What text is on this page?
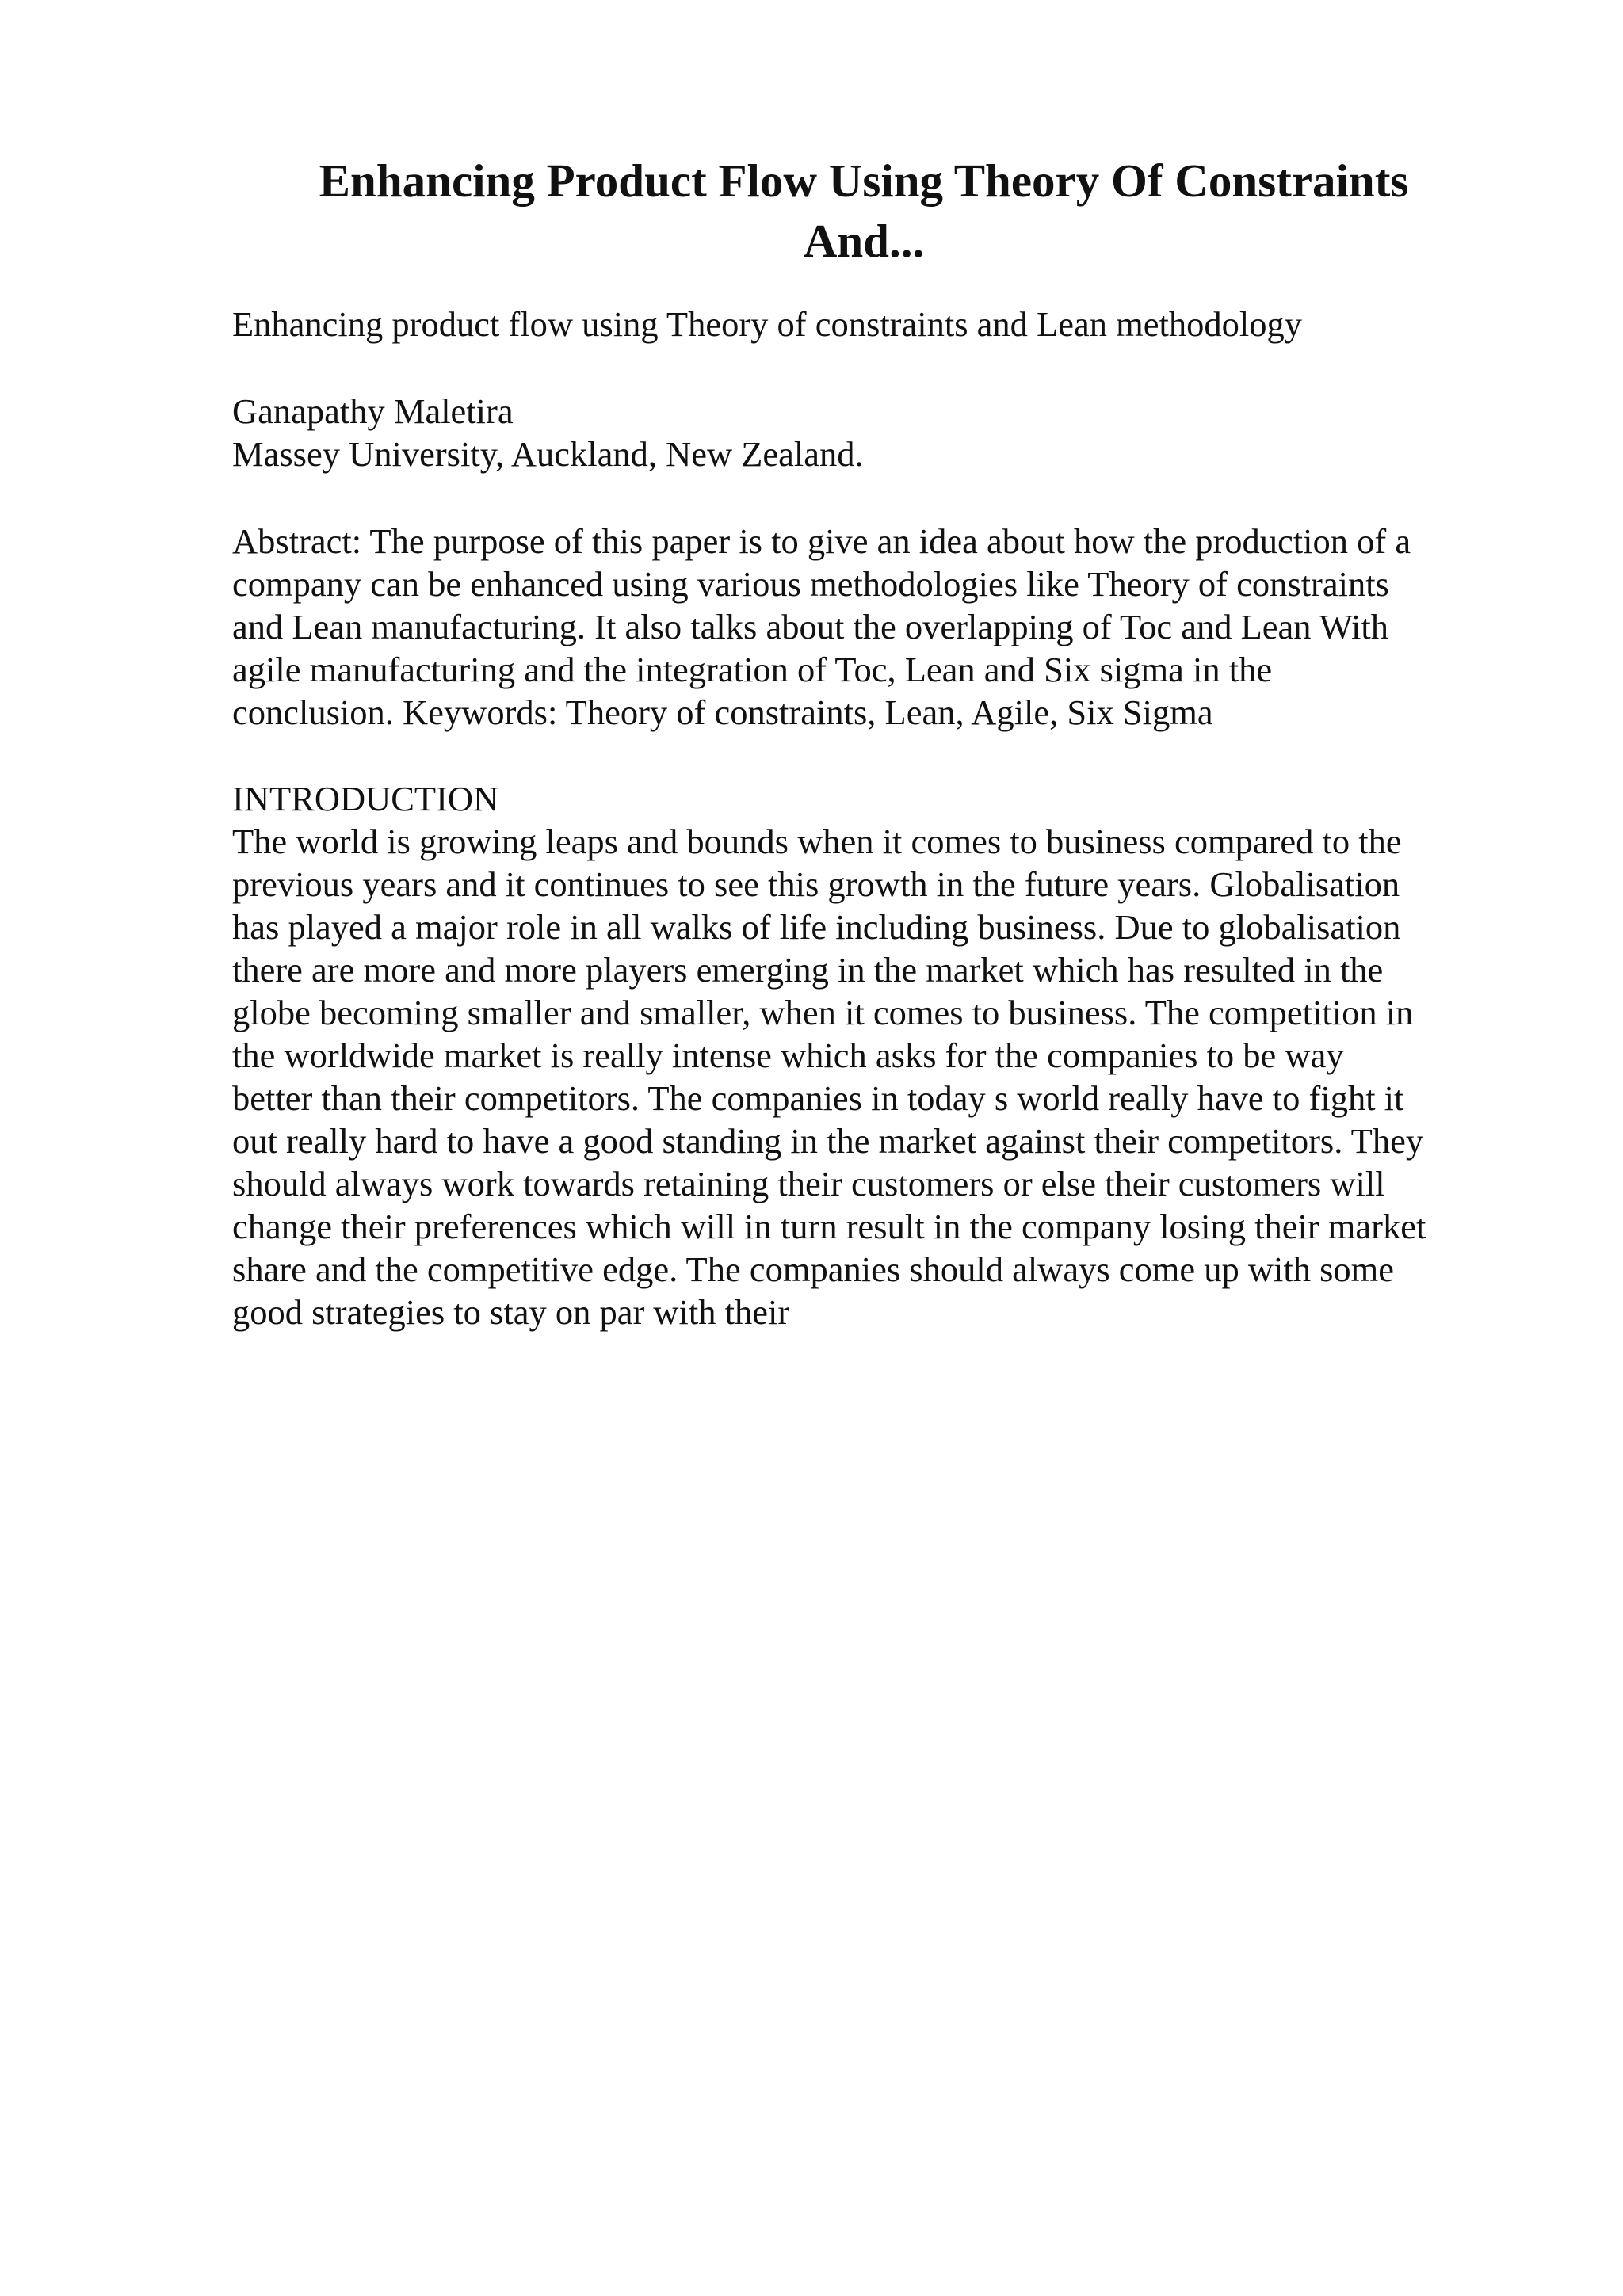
Enhancing Product Flow Using Theory Of Constraints
And...

Enhancing product flow using Theory of constraints and Lean methodology

Ganapathy Maletira

Massey University, Auckland, New Zealand.

Abstract: The purpose of this paper is to give an idea about how the production of a

company can be enhanced using various methodologies like Theory of constraints

and Lean manufacturing. It also talks about the overlapping of Toc and Lean With

agile manufacturing and the integration of Toc, Lean and Six sigma in the

conclusion. Keywords: Theory of constraints, Lean, Agile, Six Sigma

INTRODUCTION

The world is growing leaps and bounds when it comes to business compared to the

previous years and it continues to see this growth in the future years. Globalisation

has played a major role in all walks of life including business. Due to globalisation

there are more and more players emerging in the market which has resulted in the

globe becoming smaller and smaller, when it comes to business. The competition in

the worldwide market is really intense which asks for the companies to be way

better than their competitors. The companies in today s world really have to fight it

out really hard to have a good standing in the market against their competitors. They

should always work towards retaining their customers or else their customers will

change their preferences which will in turn result in the company losing their market

share and the competitive edge. The companies should always come up with some

good strategies to stay on par with their
